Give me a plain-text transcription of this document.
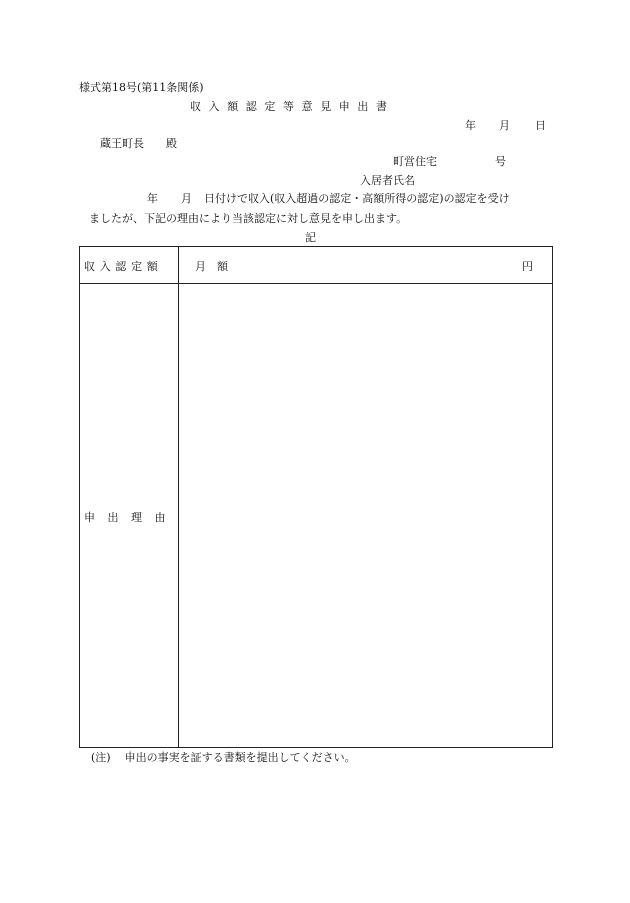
様式第18号(第11条関係)
収入額認定等意見申出書
年 月 日
蔵王町長　　殿
町営住宅	号
入居者氏名
年 月 日付けで収入(収入超過の認定・高額所得の認定)の認定を受け
ましたが、下記の理由により当該認定に対し意見を申し出ます。
記
収入認定額	月　額	円
申出理由
(注) 申出の事実を証する書類を提出してください。
